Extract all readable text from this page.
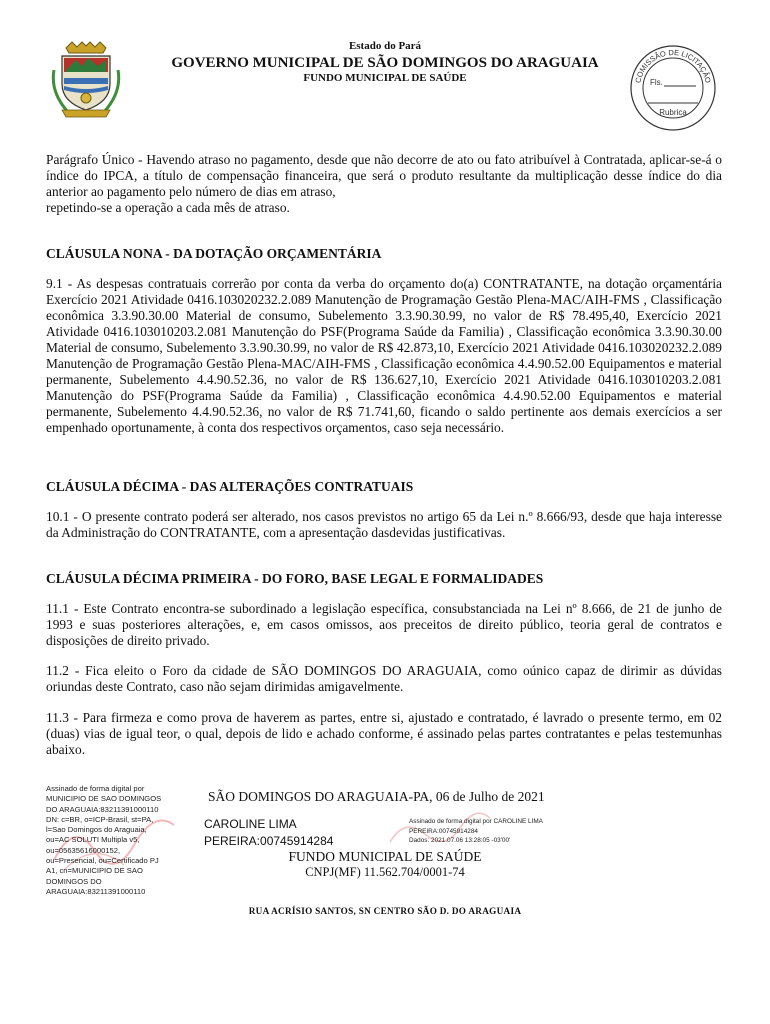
Estado do Pará
GOVERNO MUNICIPAL DE SÃO DOMINGOS DO ARAGUAIA
FUNDO MUNICIPAL DE SAÚDE	COMISSÃO DE LICITAÇÃO
Fls.
Rubrica

Parágrafo Único - Havendo atraso no pagamento, desde que não decorre de ato ou fato atribuível à Contratada, aplicar-se-á o índice do IPCA, a título de compensação financeira, que será o produto resultante da multiplicação desse índice do dia anterior ao pagamento pelo número de dias em atraso,

repetindo-se a operação a cada mês de atraso.

CLÁUSULA NONA - DA DOTAÇÃO ORÇAMENTÁRIA

9.1 - As despesas contratuais correrão por conta da verba do orçamento do(a) CONTRATANTE, na dotação orçamentária Exercício 2021 Atividade 0416.103020232.2.089 Manutenção de Programação Gestão Plena-MAC/AIH-FMS , Classificação econômica 3.3.90.30.00 Material de consumo, Subelemento 3.3.90.30.99, no valor de R$ 78.495,40, Exercício 2021 Atividade 0416.103010203.2.081 Manutenção do PSF(Programa Saúde da Familia) , Classificação econômica 3.3.90.30.00 Material de consumo, Subelemento 3.3.90.30.99, no valor de R$ 42.873,10, Exercício 2021 Atividade 0416.103020232.2.089 Manutenção de Programação Gestão Plena-MAC/AIH-FMS , Classificação econômica 4.4.90.52.00 Equipamentos e material permanente, Subelemento 4.4.90.52.36, no valor de R$ 136.627,10, Exercício 2021 Atividade 0416.103010203.2.081 Manutenção do PSF(Programa Saúde da Familia) , Classificação econômica 4.4.90.52.00 Equipamentos e material permanente, Subelemento 4.4.90.52.36, no valor de R$ 71.741,60, ficando o saldo pertinente aos demais exercícios a ser empenhado oportunamente, à conta dos respectivos orçamentos, caso seja necessário.

CLÁUSULA DÉCIMA - DAS ALTERAÇÕES CONTRATUAIS

10.1 - O presente contrato poderá ser alterado, nos casos previstos no artigo 65 da Lei n.º 8.666/93, desde que haja interesse da Administração do CONTRATANTE, com a apresentação dasdevidas justificativas.

CLÁUSULA DÉCIMA PRIMEIRA - DO FORO, BASE LEGAL E FORMALIDADES

11.1 - Este Contrato encontra-se subordinado a legislação específica, consubstanciada na Lei nº 8.666, de 21 de junho de 1993 e suas posteriores alterações, e, em casos omissos, aos preceitos de direito público, teoria geral de contratos e disposições de direito privado.

11.2 - Fica eleito o Foro da cidade de SÃO DOMINGOS DO ARAGUAIA, como oúnico capaz de dirimir as dúvidas oriundas deste Contrato, caso não sejam dirimidas amigavelmente.

11.3 - Para firmeza e como prova de haverem as partes, entre si, ajustado e contratado, é lavrado o presente termo, em 02 (duas) vias de igual teor, o qual, depois de lido e achado conforme, é assinado pelas partes contratantes e pelas testemunhas abaixo.

Assinado de forma digital por
MUNICIPIO DE SAO DOMINGOS
DO ARAGUAIA:83211391000110
DN: c=BR, o=ICP-Brasil, st=PA,
l=Sao Domingos do Araguaia,
ou=AC SOLUTI Multipla v5,
ou=05635616000152,
ou=Presencial, ou=Certificado PJ
A1, cn=MUNICIPIO DE SAO
DOMINGOS DO
ARAGUAIA:83211391000110
SÃO DOMINGOS DO ARAGUAIA-PA, 06 de Julho de 2021
CAROLINE LIMA
PEREIRA:00745914284
Assinado de forma digital por CAROLINE LIMA
PEREIRA:00745914284
Dados: 2021.07.06 13:28:05 -03'00'
FUNDO MUNICIPAL DE SAÚDE
CNPJ(MF) 11.562.704/0001-74
RUA ACRÍSIO SANTOS, SN CENTRO SÃO D. DO ARAGUAIA
